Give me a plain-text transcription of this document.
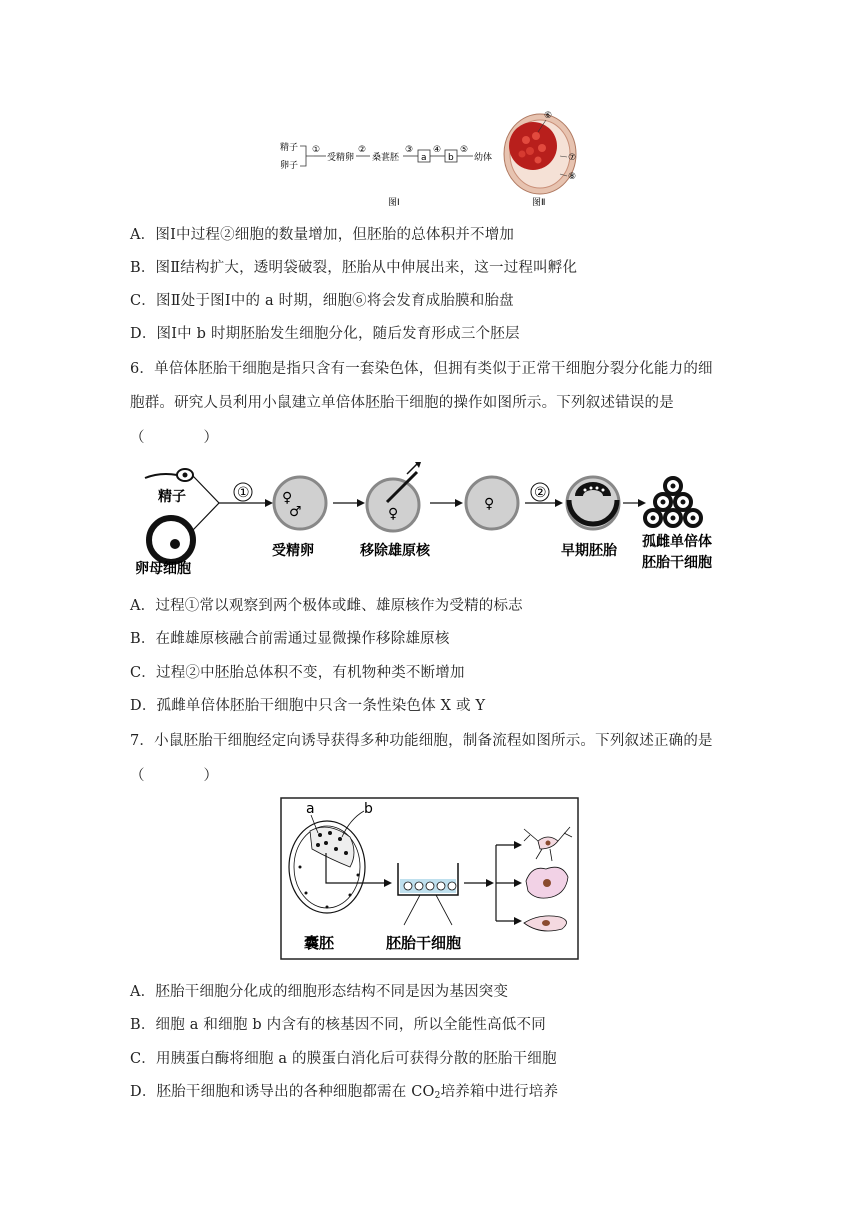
精子
卵子
①
受精卵
②
桑葚胚
③
a
④
b
⑤
幼体
图Ⅰ
⑥
⑦
⑧
图Ⅱ
A．图Ⅰ中过程②细胞的数量增加，但胚胎的总体积并不增加
B．图Ⅱ结构扩大，透明袋破裂，胚胎从中伸展出来，这一过程叫孵化
C．图Ⅱ处于图Ⅰ中的 a 时期，细胞⑥将会发育成胎膜和胎盘
D．图Ⅰ中 b 时期胚胎发生细胞分化，随后发育形成三个胚层
6．单倍体胚胎干细胞是指只含有一套染色体，但拥有类似于正常干细胞分裂分化能力的细
胞群。研究人员利用小鼠建立单倍体胚胎干细胞的操作如图所示。下列叙述错误的是
（　　　　）
精子
卵母细胞
① ♀
♂
受精卵
♀
移除雄原核
♀
②
早期胚胎
孤雌单倍体
胚胎干细胞
A．过程①常以观察到两个极体或雌、雄原核作为受精的标志
B．在雌雄原核融合前需通过显微操作移除雄原核
C．过程②中胚胎总体积不变，有机物种类不断增加
D．孤雌单倍体胚胎干细胞中只含一条性染色体 X 或 Y
7．小鼠胚胎干细胞经定向诱导获得多种功能细胞，制备流程如图所示。下列叙述正确的是
（　　　　）
a	b
囊胚	胚胎干细胞
A．胚胎干细胞分化成的细胞形态结构不同是因为基因突变
B．细胞 a 和细胞 b 内含有的核基因不同，所以全能性高低不同
C．用胰蛋白酶将细胞 a 的膜蛋白消化后可获得分散的胚胎干细胞
D．胚胎干细胞和诱导出的各种细胞都需在 $CO_2$培养箱中进行培养
